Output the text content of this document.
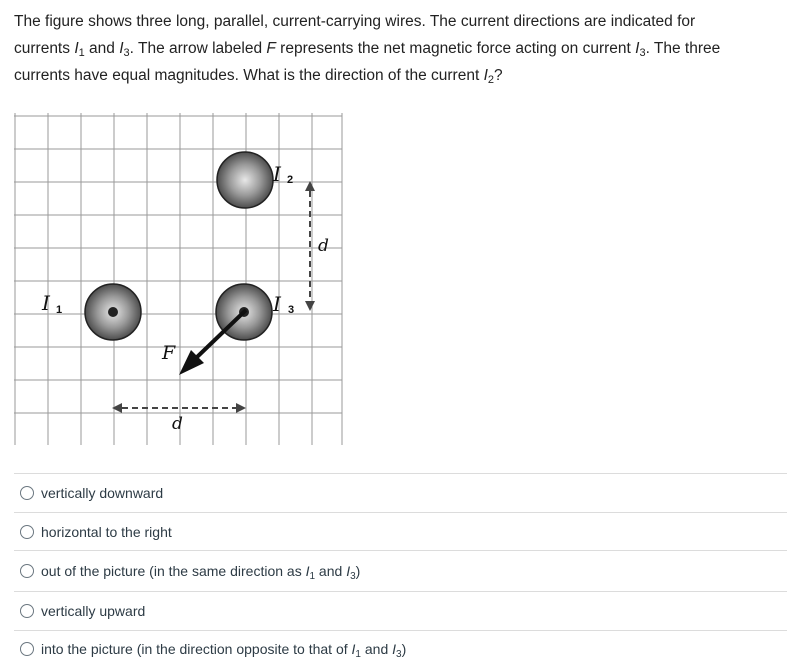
The figure shows three long, parallel, current-carrying wires. The current directions are indicated for
currents $I_1$ and $I_3$. The arrow labeled F represents the net magnetic force acting on current $I_3$. The three
currents have equal magnitudes. What is the direction of the current $I_2$?
I 1
I 2
I 3
F
d
d
vertically downward
horizontal to the right
out of the picture (in the same direction as $I_1$ and $I_3$)
vertically upward
into the picture (in the direction opposite to that of $I_1$ and $I_3$)
